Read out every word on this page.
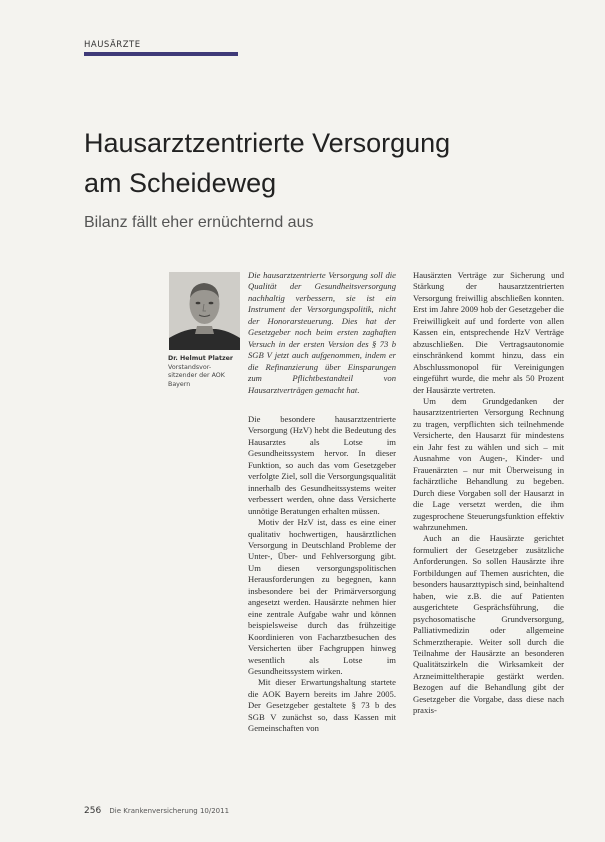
HAUSÄRZTE
Hausarztzentrierte Versorgung
am Scheideweg
Bilanz fällt eher ernüchternd aus
Dr. Helmut Platzer
Vorstandsvor-
sitzender der AOK
Bayern
Die hausarztzentrierte Versorgung soll die Qualität der Gesundheitsversorgung nachhaltig verbessern, sie ist ein Instrument der Versorgungspolitik, nicht der Honorarsteuerung. Dies hat der Gesetzgeber noch beim ersten zaghaften Versuch in der ersten Version des § 73 b SGB V jetzt auch aufgenommen, indem er die Refinanzierung über Einsparungen zum Pflichtbestandteil von Hausarztverträgen gemacht hat.

Die besondere hausarztzentrierte Versorgung (HzV) hebt die Bedeutung des Hausarztes als Lotse im Gesundheitssystem hervor. In dieser Funktion, so auch das vom Gesetzgeber verfolgte Ziel, soll die Versorgungsqualität innerhalb des Gesundheitssystems weiter verbessert werden, ohne dass Versicherte unnötige Beratungen erhalten müssen.

Motiv der HzV ist, dass es eine einer qualitativ hochwertigen, hausärztlichen Versorgung in Deutschland Probleme der Unter-, Über- und Fehlversorgung gibt. Um diesen versorgungspolitischen Herausforderungen zu begegnen, kann insbesondere bei der Primärversorgung angesetzt werden. Hausärzte nehmen hier eine zentrale Aufgabe wahr und können beispielsweise durch das frühzeitige Koordinieren von Facharztbesuchen des Versicherten über Fachgruppen hinweg wesentlich als Lotse im Gesundheitssystem wirken.

Mit dieser Erwartungshaltung startete die AOK Bayern bereits im Jahre 2005. Der Gesetzgeber gestaltete § 73 b des SGB V zunächst so, dass Kassen mit Gemeinschaften von

Hausärzten Verträge zur Sicherung und Stärkung der hausarztzentrierten Versorgung freiwillig abschließen konnten. Erst im Jahre 2009 hob der Gesetzgeber die Freiwilligkeit auf und forderte von allen Kassen ein, entsprechende HzV Verträge abzuschließen. Die Vertragsautonomie einschränkend kommt hinzu, dass ein Abschlussmonopol für Vereinigungen eingeführt wurde, die mehr als 50 Prozent der Hausärzte vertreten.

Um dem Grundgedanken der hausarztzentrierten Versorgung Rechnung zu tragen, verpflichten sich teilnehmende Versicherte, den Hausarzt für mindestens ein Jahr fest zu wählen und sich – mit Ausnahme von Augen-, Kinder- und Frauenärzten – nur mit Überweisung in fachärztliche Behandlung zu begeben. Durch diese Vorgaben soll der Hausarzt in die Lage versetzt werden, die ihm zugesprochene Steuerungsfunktion effektiv wahrzunehmen.

Auch an die Hausärzte gerichtet formuliert der Gesetzgeber zusätzliche Anforderungen. So sollen Hausärzte ihre Fortbildungen auf Themen ausrichten, die besonders hausarzttypisch sind, beinhaltend haben, wie z.B. die auf Patienten ausgerichtete Gesprächsführung, die psychosomatische Grundversorgung, Palliativmedizin oder allgemeine Schmerztherapie. Weiter soll durch die Teilnahme der Hausärzte an besonderen Qualitätszirkeln die Wirksamkeit der Arzneimitteltherapie gestärkt werden. Bezogen auf die Behandlung gibt der Gesetzgeber die Vorgabe, dass diese nach praxis-

256 Die Krankenversicherung 10/2011
